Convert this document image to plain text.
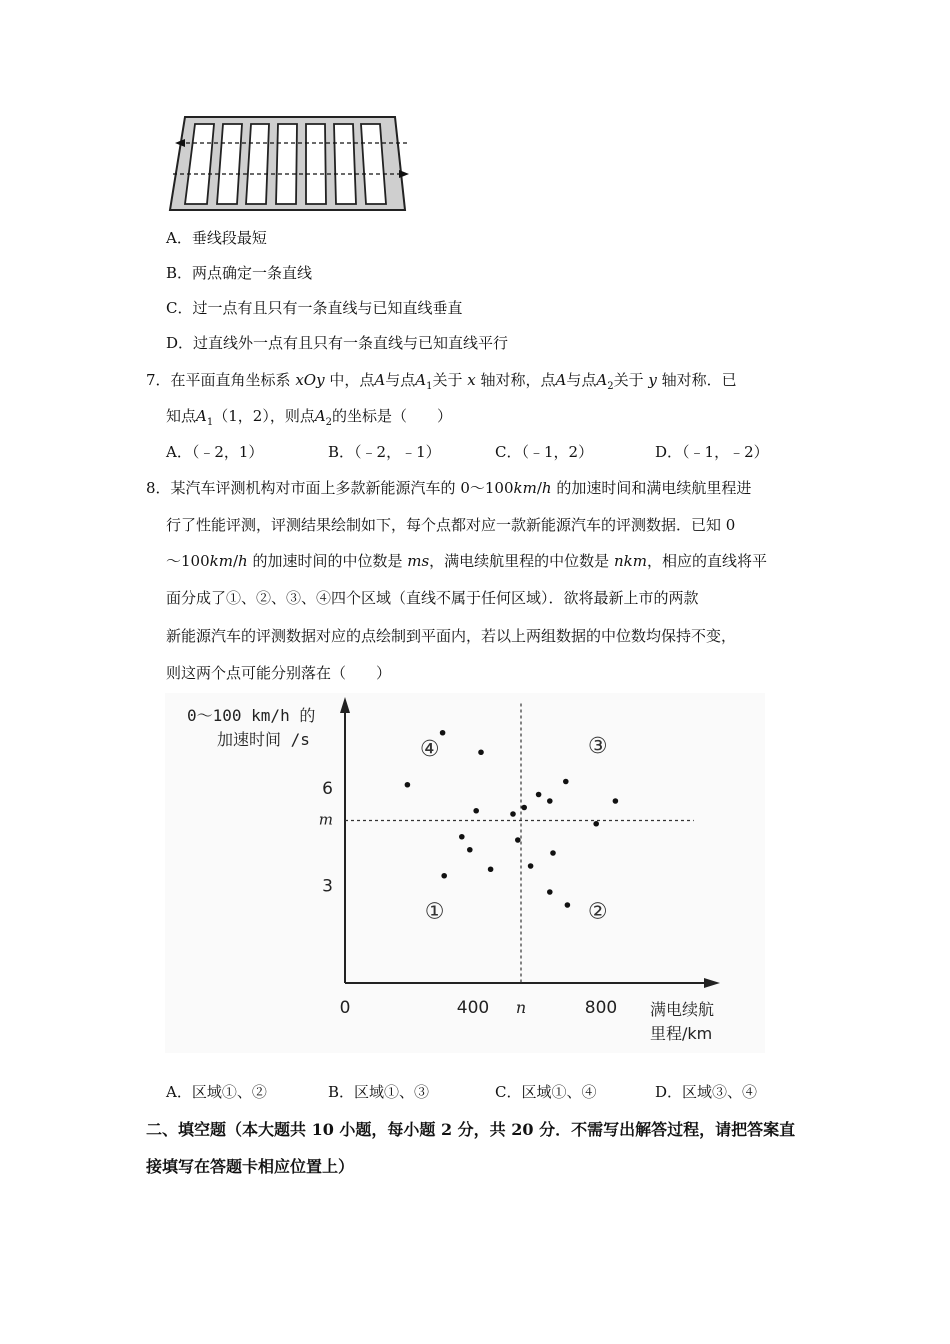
A．垂线段最短
B．两点确定一条直线
C．过一点有且只有一条直线与已知直线垂直
D．过直线外一点有且只有一条直线与已知直线平行
7．在平面直角坐标系 xOy 中，点A与点$A_1$关于 x 轴对称，点A与点$A_2$关于 y 轴对称．已
知点$A_1(1$，2），则点$A_2$的坐标是（　　）
A．（﹣2，1）	B．（﹣2，﹣1）	C．（﹣1，2）	D．（﹣1，﹣2）
8．某汽车评测机构对市面上多款新能源汽车的 0～100km/h 的加速时间和满电续航里程进
行了性能评测，评测结果绘制如下，每个点都对应一款新能源汽车的评测数据．已知 0
～100km/h 的加速时间的中位数是 ms，满电续航里程的中位数是 nkm，相应的直线将平
面分成了①、②、③、④四个区域（直线不属于任何区域）．欲将最新上市的两款
新能源汽车的评测数据对应的点绘制到平面内，若以上两组数据的中位数均保持不变，
则这两个点可能分别落在（　　）
0～100 km/h 的
加速时间 /s
满电续航
里程/km
0	400	800
n
3
6
m
①	②
③
④
A．区域①、②	B．区域①、③	C．区域①、④	D．区域③、④
二、填空题（本大题共 10 小题，每小题 2 分，共 20 分．不需写出解答过程，请把答案直
接填写在答题卡相应位置上）
